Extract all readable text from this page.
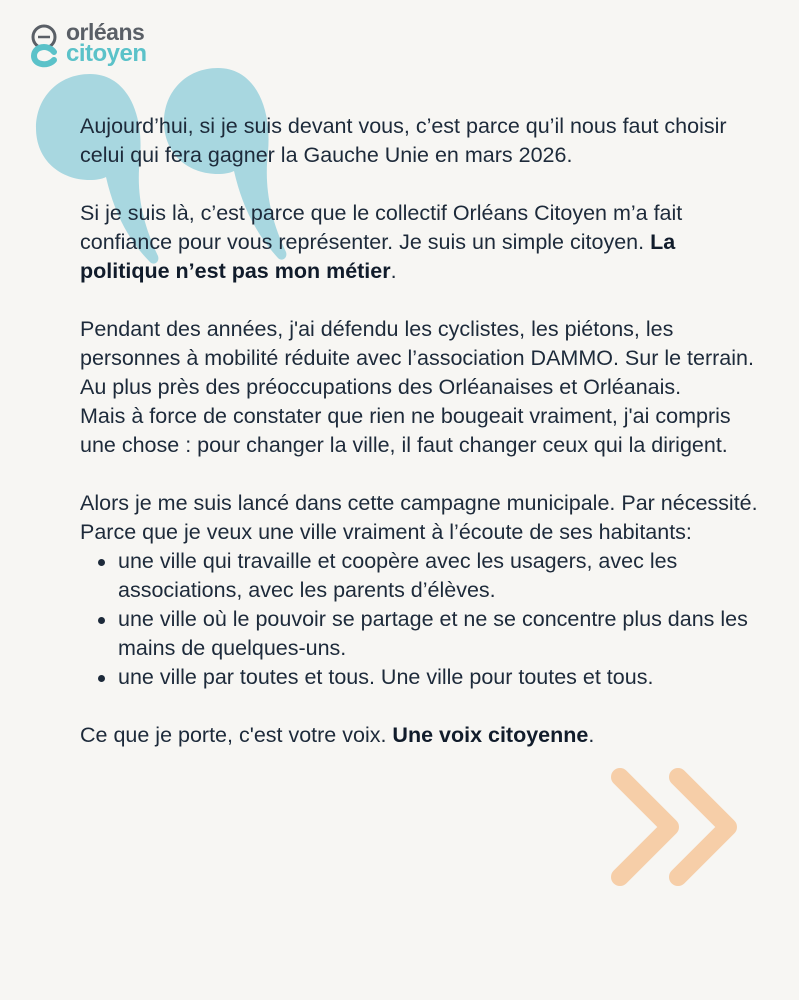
orléans
citoyen

Aujourd’hui, si je suis devant vous, c’est parce qu’il nous faut choisir celui qui fera gagner la Gauche Unie en mars 2026.

Si je suis là, c’est parce que le collectif Orléans Citoyen m’a fait confiance pour vous représenter. Je suis un simple citoyen. La politique n’est pas mon métier.

Pendant des années, j'ai défendu les cyclistes, les piétons, les personnes à mobilité réduite avec l’association DAMMO. Sur le terrain. Au plus près des préoccupations des Orléanaises et Orléanais.

Mais à force de constater que rien ne bougeait vraiment, j'ai compris une chose : pour changer la ville, il faut changer ceux qui la dirigent.

Alors je me suis lancé dans cette campagne municipale. Par nécessité. Parce que je veux une ville vraiment à l’écoute de ses habitants:

une ville qui travaille et coopère avec les usagers, avec les associations, avec les parents d’élèves.
une ville où le pouvoir se partage et ne se concentre plus dans les mains de quelques-uns.
une ville par toutes et tous. Une ville pour toutes et tous.

Ce que je porte, c'est votre voix. Une voix citoyenne.
